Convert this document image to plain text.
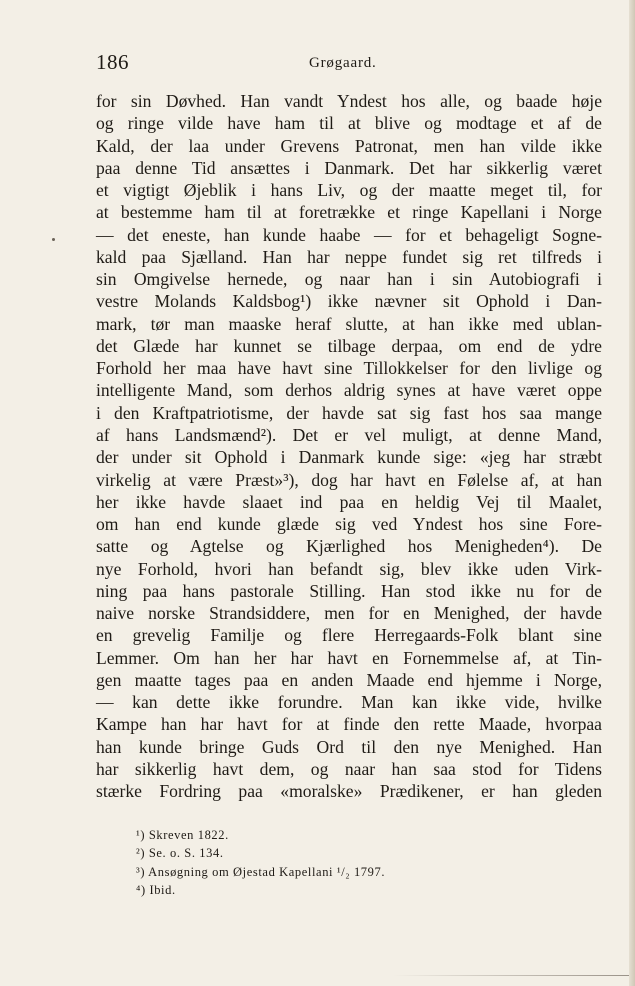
186	Grøgaard.
for sin Døvhed. Han vandt Yndest hos alle, og baade høje
og ringe vilde have ham til at blive og modtage et af de
Kald, der laa under Grevens Patronat, men han vilde ikke
paa denne Tid ansættes i Danmark. Det har sikkerlig været
et vigtigt Øjeblik i hans Liv, og der maatte meget til, for
at bestemme ham til at foretrække et ringe Kapellani i Norge
— det eneste, han kunde haabe — for et behageligt Sogne-
kald paa Sjælland. Han har neppe fundet sig ret tilfreds i
sin Omgivelse hernede, og naar han i sin Autobiografi i
vestre Molands Kaldsbog¹) ikke nævner sit Ophold i Dan-
mark, tør man maaske heraf slutte, at han ikke med ublan-
det Glæde har kunnet se tilbage derpaa, om end de ydre
Forhold her maa have havt sine Tillokkelser for den livlige og
intelligente Mand, som derhos aldrig synes at have været oppe
i den Kraftpatriotisme, der havde sat sig fast hos saa mange
af hans Landsmænd²). Det er vel muligt, at denne Mand,
der under sit Ophold i Danmark kunde sige: «jeg har stræbt
virkelig at være Præst»³), dog har havt en Følelse af, at han
her ikke havde slaaet ind paa en heldig Vej til Maalet,
om han end kunde glæde sig ved Yndest hos sine Fore-
satte og Agtelse og Kjærlighed hos Menigheden⁴). De
nye Forhold, hvori han befandt sig, blev ikke uden Virk-
ning paa hans pastorale Stilling. Han stod ikke nu for de
naive norske Strandsiddere, men for en Menighed, der havde
en grevelig Familje og flere Herregaards-Folk blant sine
Lemmer. Om han her har havt en Fornemmelse af, at Tin-
gen maatte tages paa en anden Maade end hjemme i Norge,
— kan dette ikke forundre. Man kan ikke vide, hvilke
Kampe han har havt for at finde den rette Maade, hvorpaa
han kunde bringe Guds Ord til den nye Menighed. Han
har sikkerlig havt dem, og naar han saa stod for Tidens
stærke Fordring paa «moralske» Prædikener, er han gleden
¹) Skreven 1822.
²) Se. o. S. 134.
³) Ansøgning om Øjestad Kapellani ¹/₂ 1797.
⁴) Ibid.
